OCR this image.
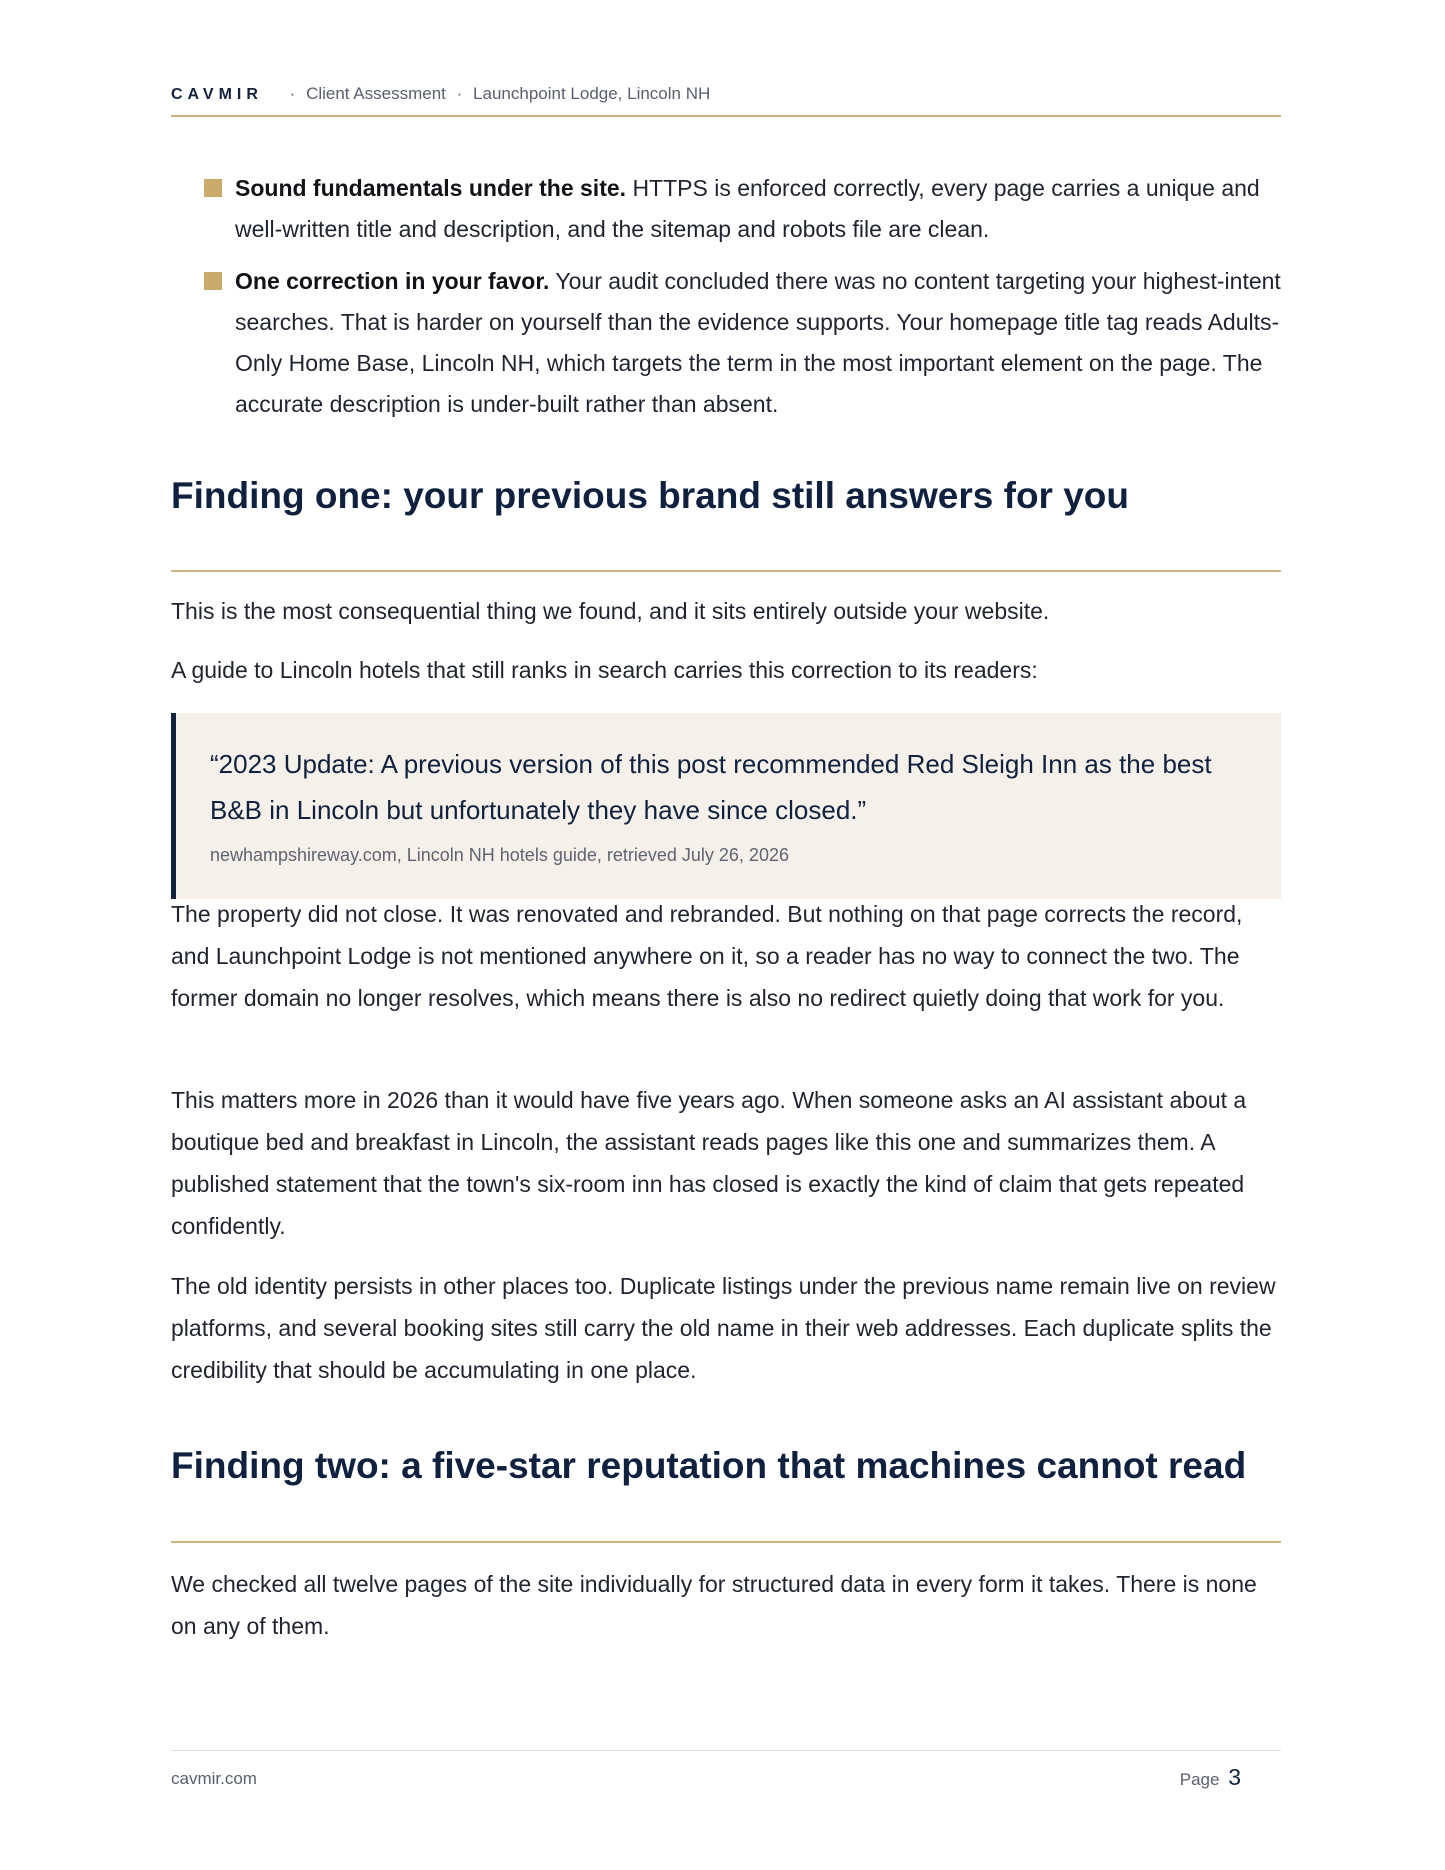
CAVMIR · Client Assessment · Launchpoint Lodge, Lincoln NH
Sound fundamentals under the site. HTTPS is enforced correctly, every page carries a unique and well-written title and description, and the sitemap and robots file are clean.
One correction in your favor. Your audit concluded there was no content targeting your highest-intent searches. That is harder on yourself than the evidence supports. Your homepage title tag reads Adults-Only Home Base, Lincoln NH, which targets the term in the most important element on the page. The accurate description is under-built rather than absent.
Finding one: your previous brand still answers for you

This is the most consequential thing we found, and it sits entirely outside your website.

A guide to Lincoln hotels that still ranks in search carries this correction to its readers:

“2023 Update: A previous version of this post recommended Red Sleigh Inn as the best B&B in Lincoln but unfortunately they have since closed.”
newhampshireway.com, Lincoln NH hotels guide, retrieved July 26, 2026

The property did not close. It was renovated and rebranded. But nothing on that page corrects the record, and Launchpoint Lodge is not mentioned anywhere on it, so a reader has no way to connect the two. The former domain no longer resolves, which means there is also no redirect quietly doing that work for you.

This matters more in 2026 than it would have five years ago. When someone asks an AI assistant about a boutique bed and breakfast in Lincoln, the assistant reads pages like this one and summarizes them. A published statement that the town's six-room inn has closed is exactly the kind of claim that gets repeated confidently.

The old identity persists in other places too. Duplicate listings under the previous name remain live on review platforms, and several booking sites still carry the old name in their web addresses. Each duplicate splits the credibility that should be accumulating in one place.

Finding two: a five-star reputation that machines cannot read

We checked all twelve pages of the site individually for structured data in every form it takes. There is none on any of them.

cavmir.com	Page 3
